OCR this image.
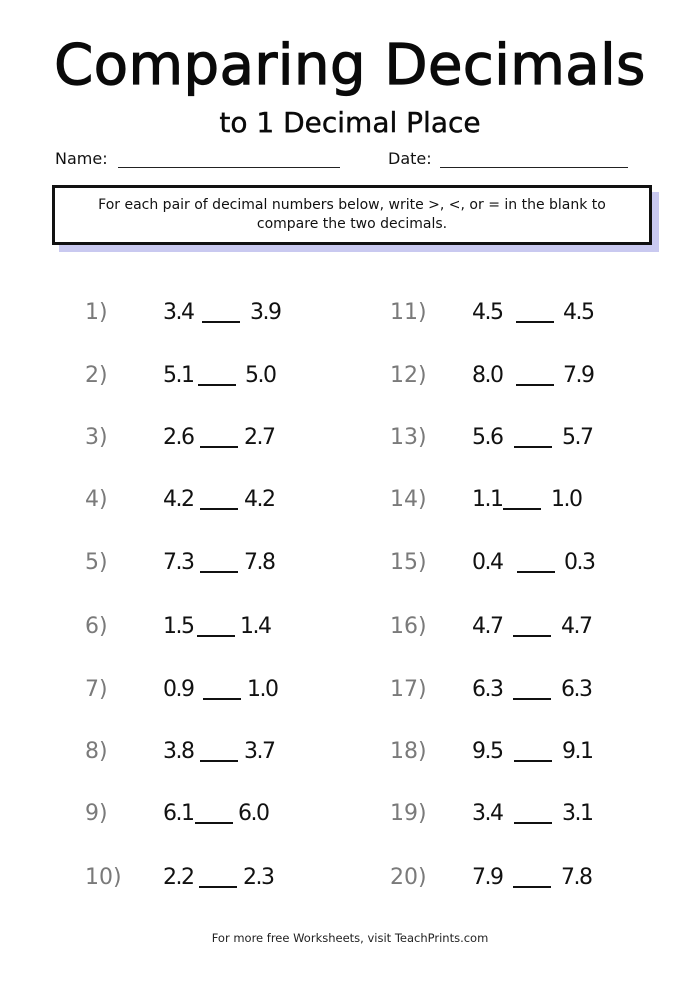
Comparing Decimals
to 1 Decimal Place
Name:	Date:
For each pair of decimal numbers below, write >, <, or = in the blank to compare the two decimals.
1)	3.4	3.9
2)	5.1 5.0
3)	2.6 2.7
4)	4.2 4.2
5)	7.3 7.8
6)	1.5 1.4
7)	0.9 1.0
8)	3.8 3.7
9)	6.1 6.0
10) 2.2 2.3
11) 4.5	4.5
12) 8.0	7.9
13) 5.6	5.7
14) 1.1 1.0
15) 0.4	0.3
16) 4.7	4.7
17) 6.3	6.3
18) 9.5	9.1
19) 3.4	3.1
20) 7.9	7.8
For more free Worksheets, visit TeachPrints.com
